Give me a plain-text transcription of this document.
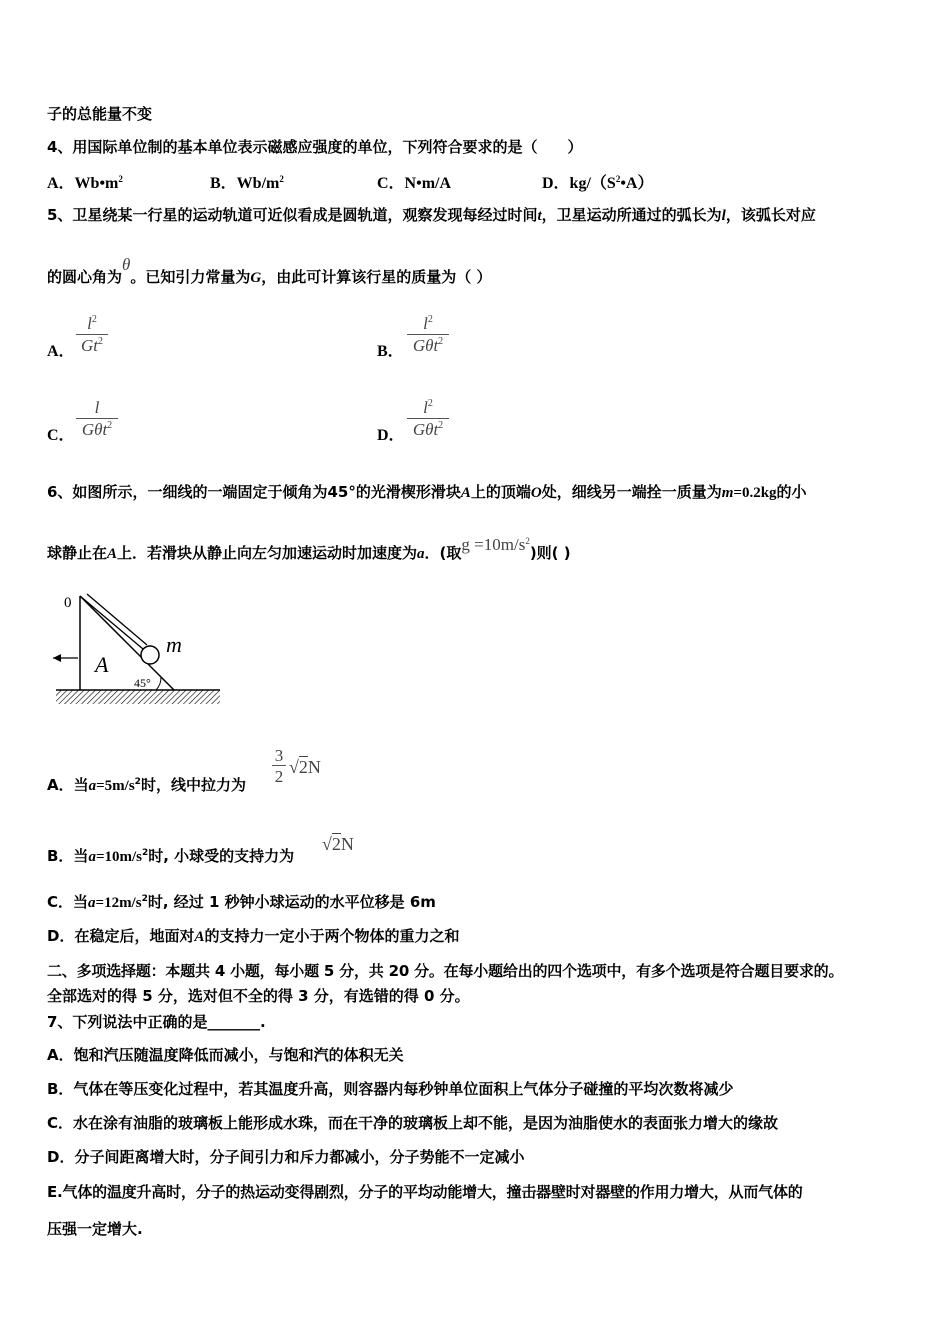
子的总能量不变
4、用国际单位制的基本单位表示磁感应强度的单位，下列符合要求的是（　　）
A．$Wb•m^2$	B．$Wb/m^2$	C．N•m/A	D．$kg/(S^2•A)$
5、卫星绕某一行星的运动轨道可近似看成是圆轨道，观察发现每经过时间t，卫星运动所通过的弧长为l，该弧长对应
的圆心角为θ。已知引力常量为G，由此可计算该行星的质量为（ ）
A．
$l^2$
Gt$^2$
B．
$l^2$
Gθt$^2$
C．
l
Gθt$^2$
D．
$l^2$
Gθt$^2$
6、如图所示，一细线的一端固定于倾角为45°的光滑楔形滑块A上的顶端O处，细线另一端拴一质量为m=0.2kg的小
球静止在A上．若滑块从静止向左匀加速运动时加速度为a．(取$g =10m/s^2$)则( )
0
A
m
45°
A．当$a=5m/s^2$时，线中拉力为
3
2 √2N
B．当$a=10m/s^2$时, 小球受的支持力为
√2N
C．当$a=12m/s^2$时, 经过 1 秒钟小球运动的水平位移是 6m
D．在稳定后，地面对A的支持力一定小于两个物体的重力之和
二、多项选择题：本题共 4 小题，每小题 5 分，共 20 分。在每小题给出的四个选项中，有多个选项是符合题目要求的。
全部选对的得 5 分，选对但不全的得 3 分，有选错的得 0 分。
7、下列说法中正确的是_______.
A．饱和汽压随温度降低而减小，与饱和汽的体积无关
B．气体在等压变化过程中，若其温度升高，则容器内每秒钟单位面积上气体分子碰撞的平均次数将减少
C．水在涂有油脂的玻璃板上能形成水珠，而在干净的玻璃板上却不能，是因为油脂使水的表面张力增大的缘故
D．分子间距离增大时，分子间引力和斥力都减小，分子势能不一定减小
E.气体的温度升高时，分子的热运动变得剧烈，分子的平均动能增大，撞击器壁时对器壁的作用力增大，从而气体的
压强一定增大.
